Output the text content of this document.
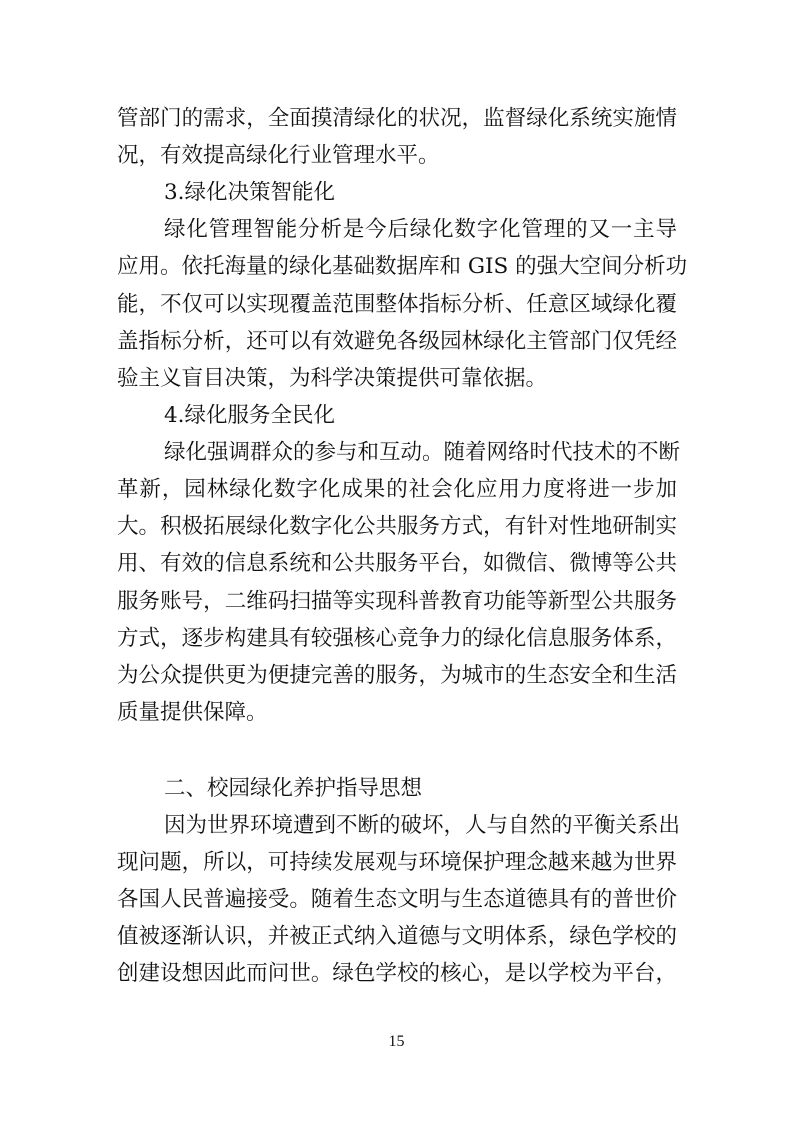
管部门的需求，全面摸清绿化的状况，监督绿化系统实施情
况，有效提高绿化行业管理水平。
3.绿化决策智能化
绿化管理智能分析是今后绿化数字化管理的又一主导
应用。依托海量的绿化基础数据库和 GIS 的强大空间分析功
能，不仅可以实现覆盖范围整体指标分析、任意区域绿化覆
盖指标分析，还可以有效避免各级园林绿化主管部门仅凭经
验主义盲目决策，为科学决策提供可靠依据。
4.绿化服务全民化
绿化强调群众的参与和互动。随着网络时代技术的不断
革新，园林绿化数字化成果的社会化应用力度将进一步加
大。积极拓展绿化数字化公共服务方式，有针对性地研制实
用、有效的信息系统和公共服务平台，如微信、微博等公共
服务账号，二维码扫描等实现科普教育功能等新型公共服务
方式，逐步构建具有较强核心竞争力的绿化信息服务体系，
为公众提供更为便捷完善的服务，为城市的生态安全和生活
质量提供保障。
二、校园绿化养护指导思想
因为世界环境遭到不断的破坏，人与自然的平衡关系出
现问题，所以，可持续发展观与环境保护理念越来越为世界
各国人民普遍接受。随着生态文明与生态道德具有的普世价
值被逐渐认识，并被正式纳入道德与文明体系，绿色学校的
创建设想因此而问世。绿色学校的核心，是以学校为平台，
15
